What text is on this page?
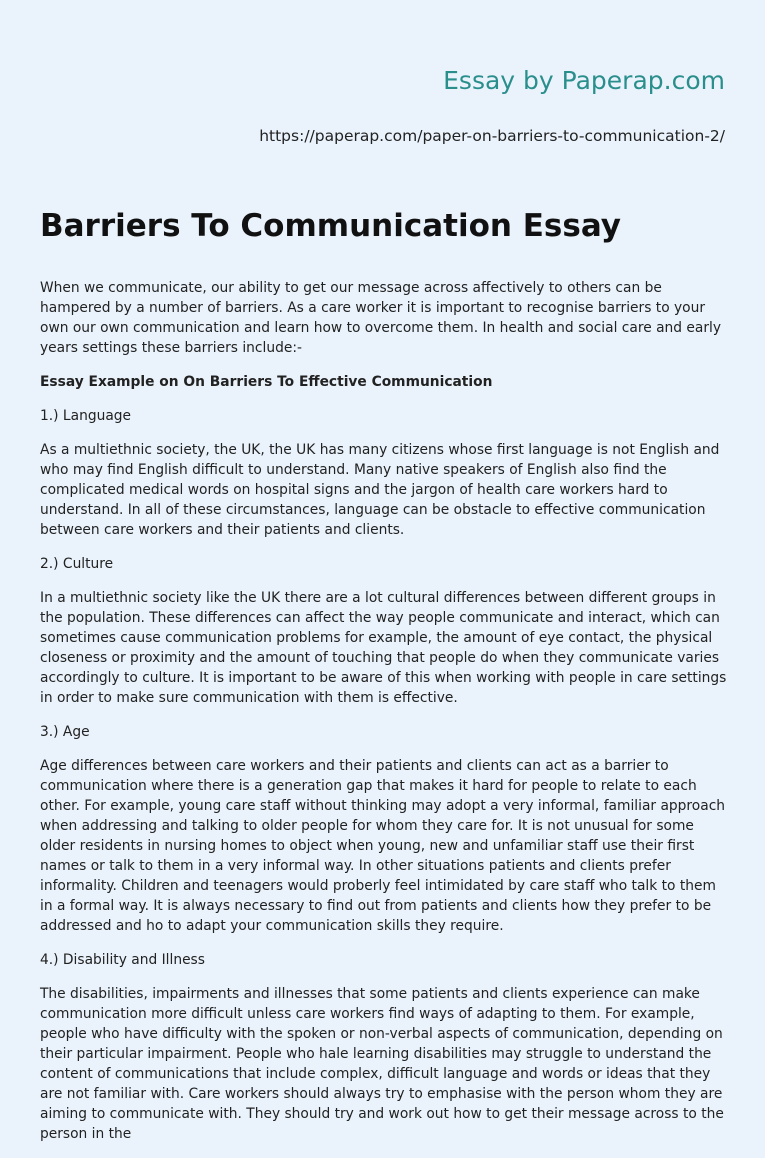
Essay by Paperap.com
https://paperap.com/paper-on-barriers-to-communication-2/
Barriers To Communication Essay

When we communicate, our ability to get our message across affectively to others can be hampered by a number of barriers. As a care worker it is important to recognise barriers to your own our own communication and learn how to overcome them. In health and social care and early years settings these barriers include:-

Essay Example on On Barriers To Effective Communication

1.) Language

As a multiethnic society, the UK, the UK has many citizens whose first language is not English and who may find English difficult to understand. Many native speakers of English also find the complicated medical words on hospital signs and the jargon of health care workers hard to understand. In all of these circumstances, language can be obstacle to effective communication between care workers and their patients and clients.

2.) Culture

In a multiethnic society like the UK there are a lot cultural differences between different groups in the population. These differences can affect the way people communicate and interact, which can sometimes cause communication problems for example, the amount of eye contact, the physical closeness or proximity and the amount of touching that people do when they communicate varies accordingly to culture. It is important to be aware of this when working with people in care settings in order to make sure communication with them is effective.

3.) Age

Age differences between care workers and their patients and clients can act as a barrier to communication where there is a generation gap that makes it hard for people to relate to each other. For example, young care staff without thinking may adopt a very informal, familiar approach when addressing and talking to older people for whom they care for. It is not unusual for some older residents in nursing homes to object when young, new and unfamiliar staff use their first names or talk to them in a very informal way. In other situations patients and clients prefer informality. Children and teenagers would proberly feel intimidated by care staff who talk to them in a formal way. It is always necessary to find out from patients and clients how they prefer to be addressed and ho to adapt your communication skills they require.

4.) Disability and Illness

The disabilities, impairments and illnesses that some patients and clients experience can make communication more difficult unless care workers find ways of adapting to them. For example, people who have difficulty with the spoken or non-verbal aspects of communication, depending on their particular impairment. People who hale learning disabilities may struggle to understand the content of communications that include complex, difficult language and words or ideas that they are not familiar with. Care workers should always try to emphasise with the person whom they are aiming to communicate with. They should try and work out how to get their message across to the person in the
